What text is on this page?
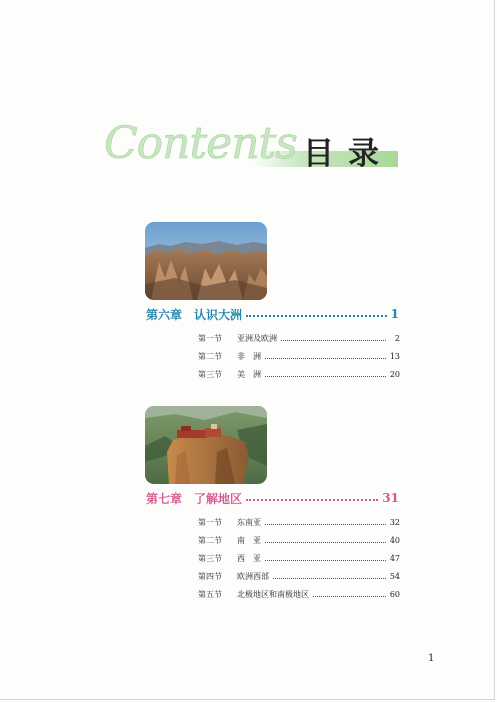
Contents 目录
第六章 认识大洲	1
第一节	亚洲及欧洲	2
第二节	非　洲	13
第三节	美　洲	20
第七章 了解地区	31
第一节	东南亚	32
第二节	南　亚	40
第三节	西　亚	47
第四节	欧洲西部	54
第五节	北极地区和南极地区	60
1
